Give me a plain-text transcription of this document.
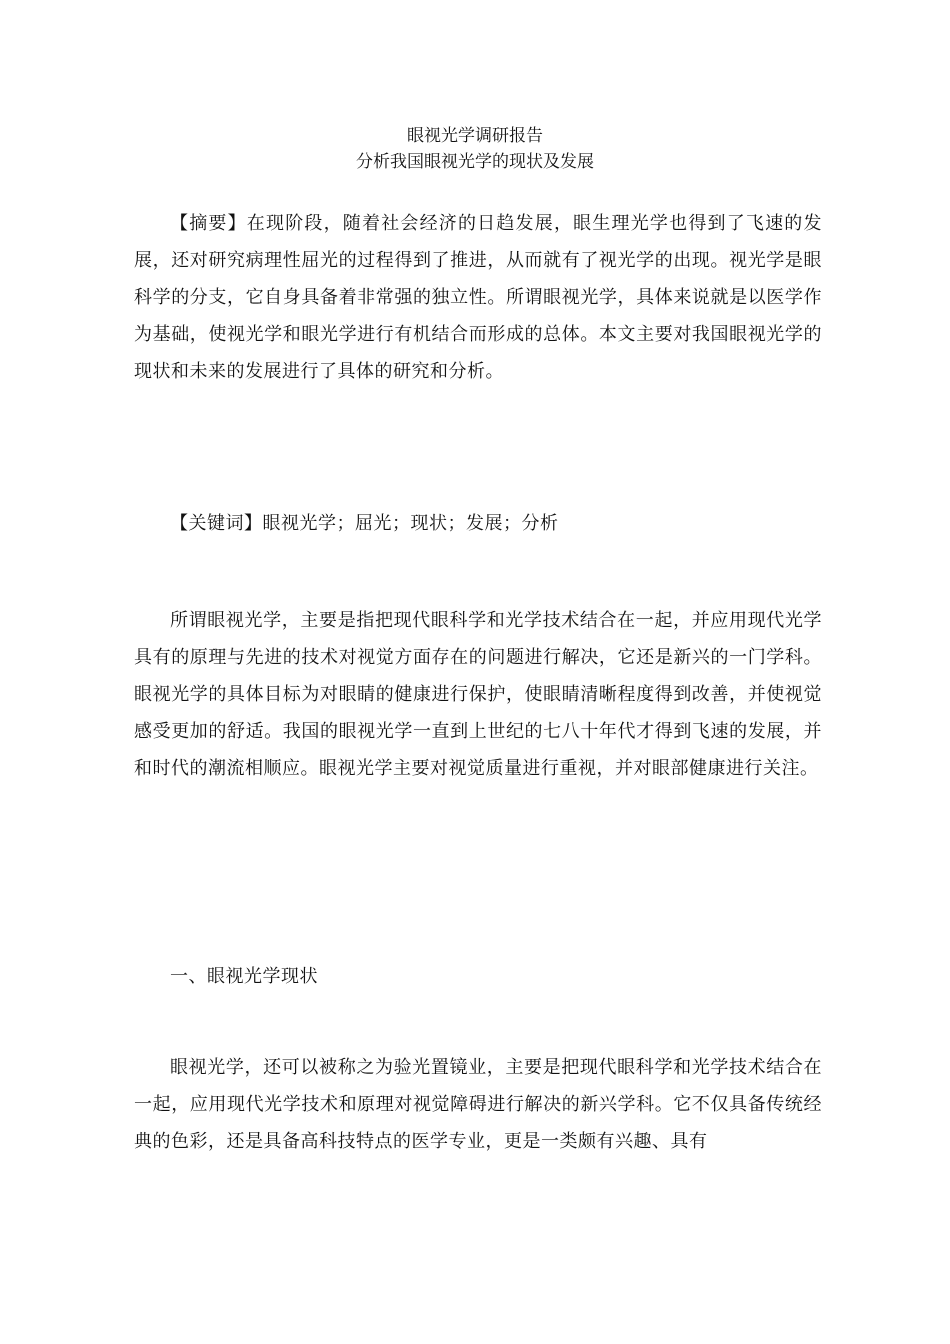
眼视光学调研报告
分析我国眼视光学的现状及发展

【摘要】在现阶段，随着社会经济的日趋发展，眼生理光学也得到了飞速的发展，还对研究病理性屈光的过程得到了推进，从而就有了视光学的出现。视光学是眼科学的分支，它自身具备着非常强的独立性。所谓眼视光学，具体来说就是以医学作为基础，使视光学和眼光学进行有机结合而形成的总体。本文主要对我国眼视光学的现状和未来的发展进行了具体的研究和分析。

【关键词】眼视光学；屈光；现状；发展；分析

所谓眼视光学，主要是指把现代眼科学和光学技术结合在一起，并应用现代光学具有的原理与先进的技术对视觉方面存在的问题进行解决，它还是新兴的一门学科。眼视光学的具体目标为对眼睛的健康进行保护，使眼睛清晰程度得到改善，并使视觉感受更加的舒适。我国的眼视光学一直到上世纪的七八十年代才得到飞速的发展，并和时代的潮流相顺应。眼视光学主要对视觉质量进行重视，并对眼部健康进行关注。

一、眼视光学现状

眼视光学，还可以被称之为验光置镜业，主要是把现代眼科学和光学技术结合在一起，应用现代光学技术和原理对视觉障碍进行解决的新兴学科。它不仅具备传统经典的色彩，还是具备高科技特点的医学专业，更是一类颇有兴趣、具有
